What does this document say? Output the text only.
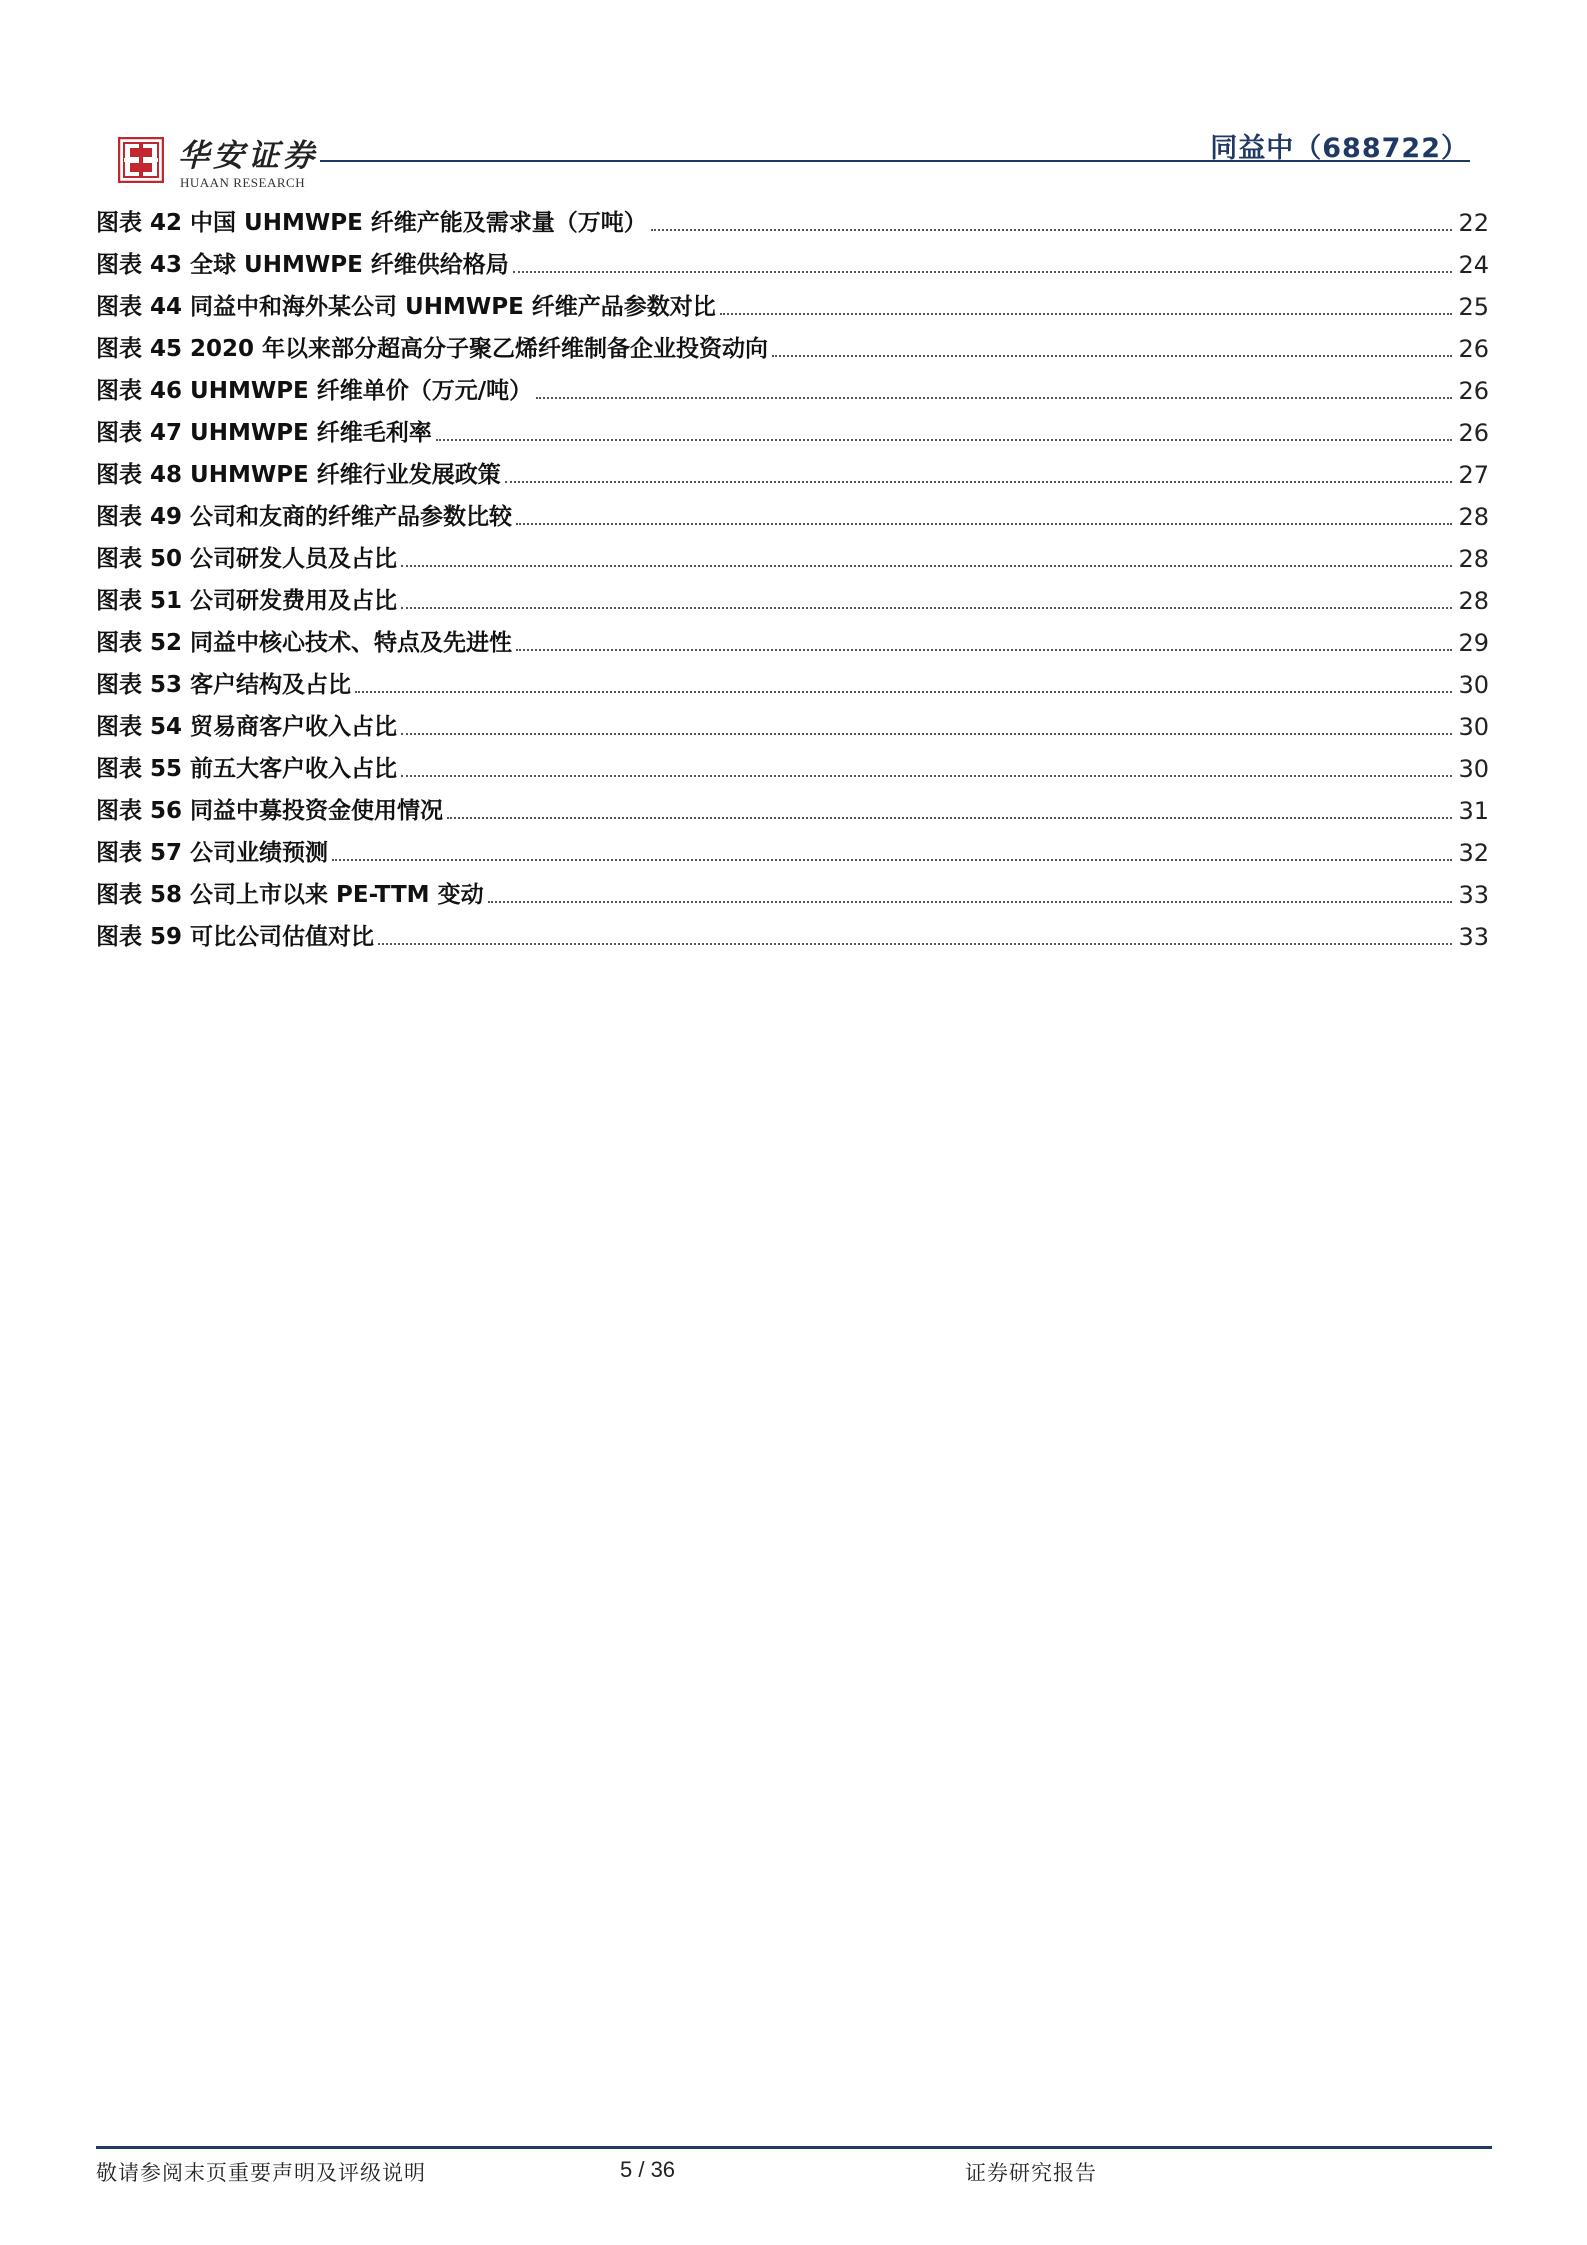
华安证券
HUAAN RESEARCH
同益中（688722）
图表 42 中国 UHMWPE 纤维产能及需求量（万吨）	22
图表 43 全球 UHMWPE 纤维供给格局	24
图表 44 同益中和海外某公司 UHMWPE 纤维产品参数对比	25
图表 45 2020 年以来部分超高分子聚乙烯纤维制备企业投资动向	26
图表 46 UHMWPE 纤维单价（万元/吨）	26
图表 47 UHMWPE 纤维毛利率	26
图表 48 UHMWPE 纤维行业发展政策	27
图表 49 公司和友商的纤维产品参数比较	28
图表 50 公司研发人员及占比	28
图表 51 公司研发费用及占比	28
图表 52 同益中核心技术、特点及先进性	29
图表 53 客户结构及占比	30
图表 54 贸易商客户收入占比	30
图表 55 前五大客户收入占比	30
图表 56 同益中募投资金使用情况	31
图表 57 公司业绩预测	32
图表 58 公司上市以来 PE-TTM 变动	33
图表 59 可比公司估值对比	33
敬请参阅末页重要声明及评级说明	5 / 36	证券研究报告
